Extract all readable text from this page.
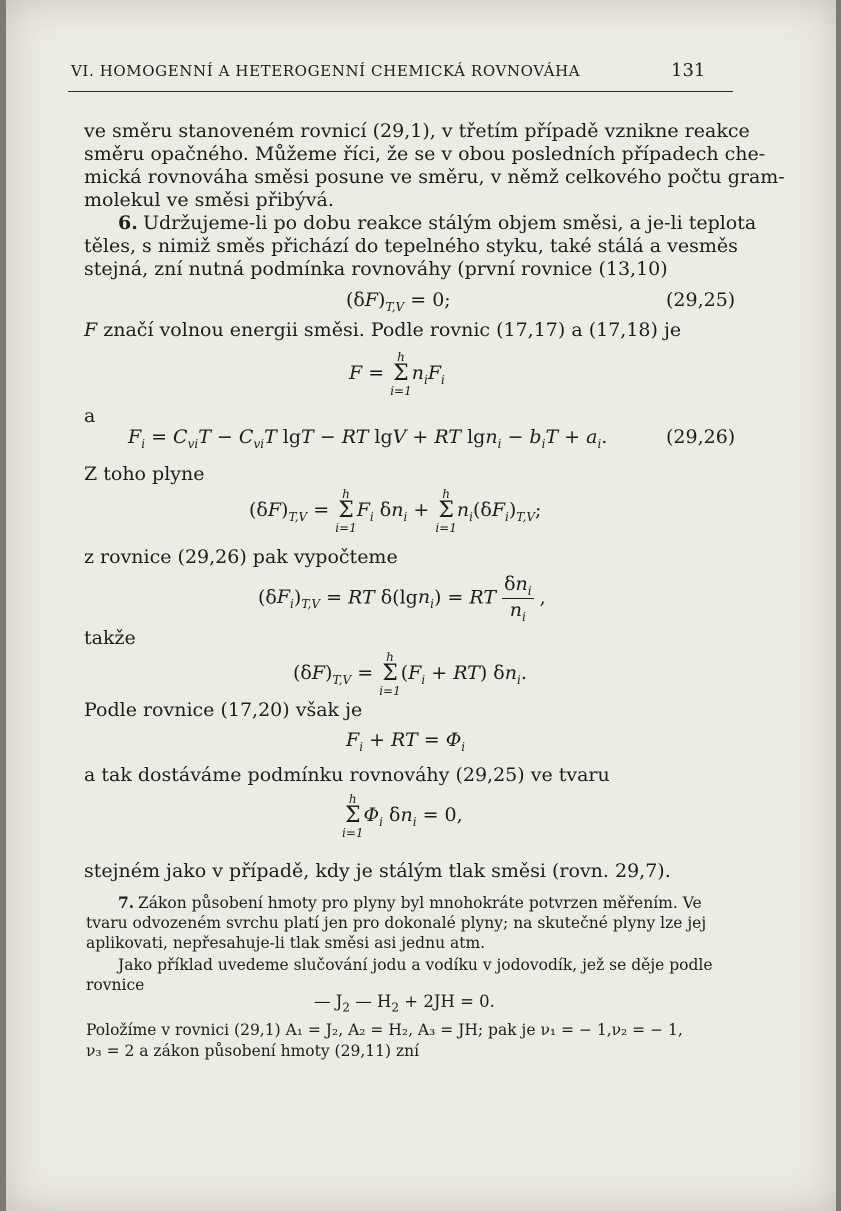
VI. HOMOGENNÍ A HETEROGENNÍ CHEMICKÁ ROVNOVÁHA	131
ve směru stanoveném rovnicí (29,1), v třetím případě vznikne reakce
směru opačného. Můžeme říci, že se v obou posledních případech che-
mická rovnováha směsi posune ve směru, v němž celkového počtu gram-
molekul ve směsi přibývá.
6. Udržujeme-li po dobu reakce stálým objem směsi, a je-li teplota
těles, s nimiž směs přichází do tepelného styku, také stálá a vesměs
stejná, zní nutná podmínka rovnováhy (první rovnice (13,10)
$(\delta F)_{T,V} = 0$;	(29,25)
F značí volnou energii směsi. Podle rovnic (17,17) a (17,18) je
F =
h
Σ
i=1
$n_iF_i$
a
$F_i = C_{vi}T - C_{vi}T$ lgT − RT lgV + RT $\lg n_i - b_iT + a_i$.	(29,26)
Z toho plyne
$(\delta F)_{T,V}$ =
h
Σ
i=1
$F_i$ $\delta n_i$ +
h
Σ
i=1
$n_i(\delta F_i)_{T,V}$;
z rovnice (29,26) pak vypočteme
$(\delta F_i)_{T,V}$ = RT δ(lgn$_i$) = RT $\frac{\delta n_i}{n_i}$ ,
takže
$(\delta F)_{T,V}$ =
h
Σ
i=1
$(F_i + RT)$ $\delta n_i$.
Podle rovnice (17,20) však je
$F_i$ + RT = $\Phi_i$
a tak dostáváme podmínku rovnováhy (29,25) ve tvaru
h
Σ
i=1
$\Phi_i$ $\delta n_i = 0$,
stejném jako v případě, kdy je stálým tlak směsi (rovn. 29,7).
7. Zákon působení hmoty pro plyny byl mnohokráte potvrzen měřením. Ve
tvaru odvozeném svrchu platí jen pro dokonalé plyny; na skutečné plyny lze jej
aplikovati, nepřesahuje-li tlak směsi asi jednu atm.
Jako příklad uvedeme slučování jodu a vodíku v jodovodík, jež se děje podle
rovnice
— $J_2$ — $H_2 + 2JH = 0$.
Položíme v rovnici (29,1) A₁ = J₂, A₂ = H₂, A₃ = JH; pak je ν₁ = − 1,ν₂ = − 1,
ν₃ = 2 a zákon působení hmoty (29,11) zní
